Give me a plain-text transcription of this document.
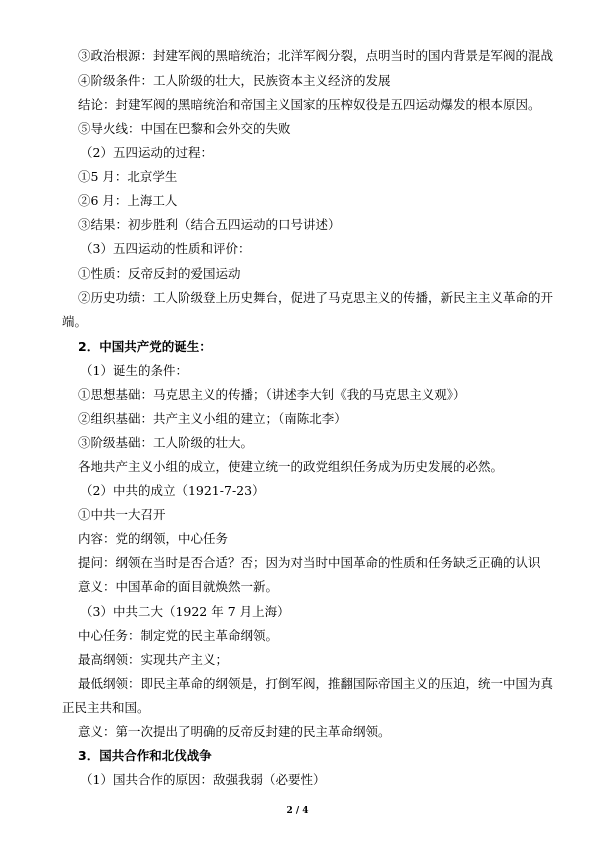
③政治根源：封建军阀的黑暗统治；北洋军阀分裂，点明当时的国内背景是军阀的混战
④阶级条件：工人阶级的壮大，民族资本主义经济的发展
结论：封建军阀的黑暗统治和帝国主义国家的压榨奴役是五四运动爆发的根本原因。
⑤导火线：中国在巴黎和会外交的失败
（2）五四运动的过程：
①5 月：北京学生
②6 月：上海工人
③结果：初步胜利（结合五四运动的口号讲述）
（3）五四运动的性质和评价：
①性质：反帝反封的爱国运动
②历史功绩：工人阶级登上历史舞台，促进了马克思主义的传播，新民主主义革命的开
端。
2．中国共产党的诞生：
（1）诞生的条件：
①思想基础：马克思主义的传播；（讲述李大钊《我的马克思主义观》）
②组织基础：共产主义小组的建立；（南陈北李）
③阶级基础：工人阶级的壮大。
各地共产主义小组的成立，使建立统一的政党组织任务成为历史发展的必然。
（2）中共的成立（1921-7-23）
①中共一大召开
内容：党的纲领，中心任务
提问：纲领在当时是否合适？否；因为对当时中国革命的性质和任务缺乏正确的认识
意义：中国革命的面目就焕然一新。
（3）中共二大（1922 年 7 月上海）
中心任务：制定党的民主革命纲领。
最高纲领：实现共产主义；
最低纲领：即民主革命的纲领是，打倒军阀，推翻国际帝国主义的压迫，统一中国为真
正民主共和国。
意义：第一次提出了明确的反帝反封建的民主革命纲领。
3．国共合作和北伐战争
（1）国共合作的原因：敌强我弱（必要性）
2 / 4
